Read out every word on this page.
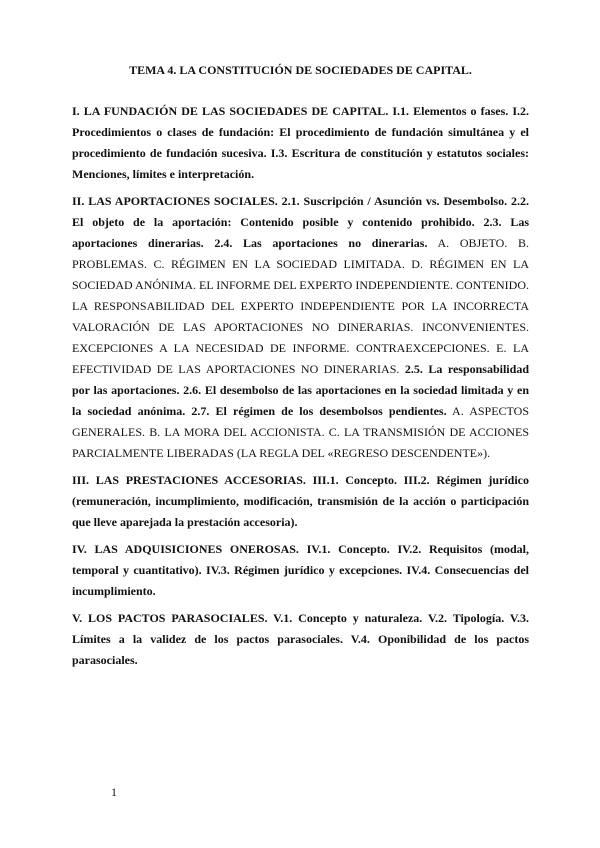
TEMA 4. LA CONSTITUCIÓN DE SOCIEDADES DE CAPITAL.

I. LA FUNDACIÓN DE LAS SOCIEDADES DE CAPITAL. I.1. Elementos o fases. I.2. Procedimientos o clases de fundación: El procedimiento de fundación simultánea y el procedimiento de fundación sucesiva. I.3. Escritura de constitución y estatutos sociales: Menciones, límites e interpretación.

II. LAS APORTACIONES SOCIALES. 2.1. Suscripción / Asunción vs. Desembolso. 2.2. El objeto de la aportación: Contenido posible y contenido prohibido. 2.3. Las aportaciones dinerarias. 2.4. Las aportaciones no dinerarias. A. OBJETO. B. PROBLEMAS. C. RÉGIMEN EN LA SOCIEDAD LIMITADA. D. RÉGIMEN EN LA SOCIEDAD ANÓNIMA. EL INFORME DEL EXPERTO INDEPENDIENTE. CONTENIDO. LA RESPONSABILIDAD DEL EXPERTO INDEPENDIENTE POR LA INCORRECTA VALORACIÓN DE LAS APORTACIONES NO DINERARIAS. INCONVENIENTES. EXCEPCIONES A LA NECESIDAD DE INFORME. CONTRAEXCEPCIONES. E. LA EFECTIVIDAD DE LAS APORTACIONES NO DINERARIAS. 2.5. La responsabilidad por las aportaciones. 2.6. El desembolso de las aportaciones en la sociedad limitada y en la sociedad anónima. 2.7. El régimen de los desembolsos pendientes. A. ASPECTOS GENERALES. B. LA MORA DEL ACCIONISTA. C. LA TRANSMISIÓN DE ACCIONES PARCIALMENTE LIBERADAS (LA REGLA DEL «REGRESO DESCENDENTE»).

III. LAS PRESTACIONES ACCESORIAS. III.1. Concepto. III.2. Régimen jurídico (remuneración, incumplimiento, modificación, transmisión de la acción o participación que lleve aparejada la prestación accesoria).

IV. LAS ADQUISICIONES ONEROSAS. IV.1. Concepto. IV.2. Requisitos (modal, temporal y cuantitativo). IV.3. Régimen jurídico y excepciones. IV.4. Consecuencias del incumplimiento.

V. LOS PACTOS PARASOCIALES. V.1. Concepto y naturaleza. V.2. Tipología. V.3. Límites a la validez de los pactos parasociales. V.4. Oponibilidad de los pactos parasociales.

1
